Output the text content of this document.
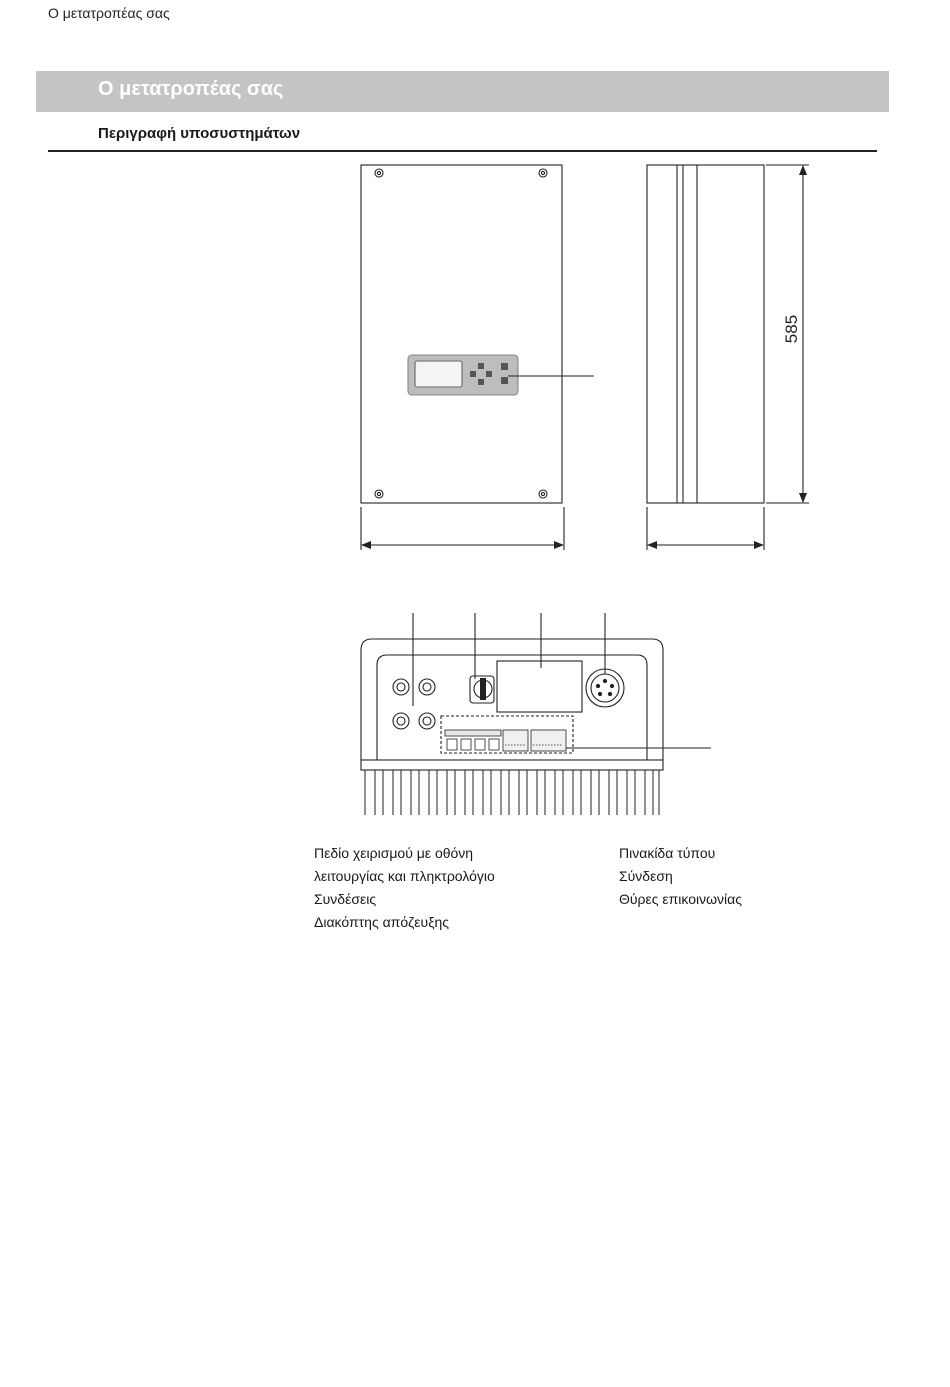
Ο μετατροπέας σας
Ο μετατροπέας σας
Περιγραφή υποσυστημάτων
585
Πεδίο χειρισμού με οθόνη
λειτουργίας και πληκτρολόγιο
Συνδέσεις
Διακόπτης απόζευξης
Πινακίδα τύπου
Σύνδεση
Θύρες επικοινωνίας
